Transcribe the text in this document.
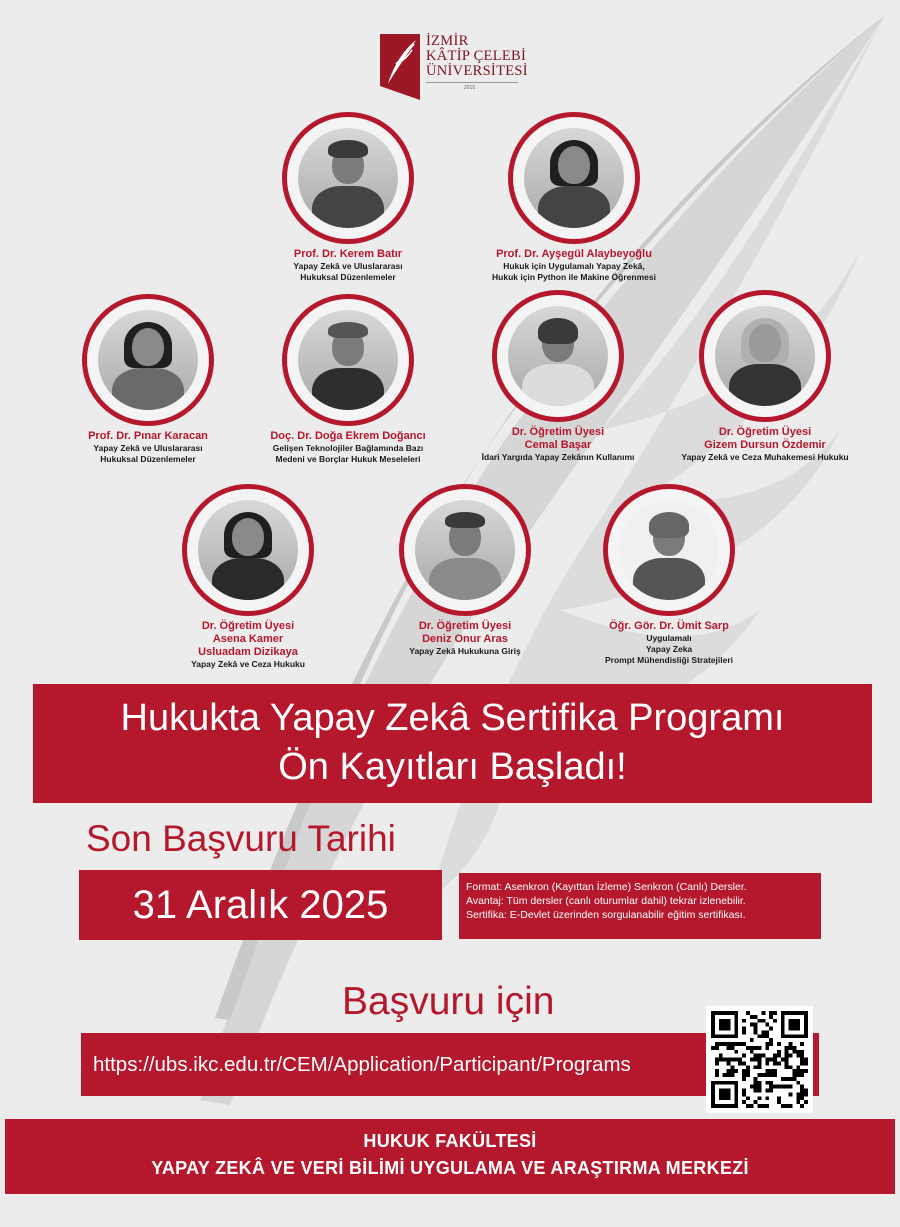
İZMİR
KÂTİP ÇELEBİ
ÜNİVERSİTESİ
2010
Prof. Dr. Kerem Batır
Yapay Zekâ ve Uluslararası
Hukuksal Düzenlemeler
Prof. Dr. Ayşegül Alaybeyoğlu
Hukuk için Uygulamalı Yapay Zekâ,
Hukuk için Python ile Makine Öğrenmesi
Prof. Dr. Pınar Karacan
Yapay Zekâ ve Uluslararası
Hukuksal Düzenlemeler
Doç. Dr. Doğa Ekrem Doğancı
Gelişen Teknolojiler Bağlamında Bazı
Medeni ve Borçlar Hukuk Meseleleri
Dr. Öğretim Üyesi
Cemal Başar
İdari Yargıda Yapay Zekânın Kullanımı
Dr. Öğretim Üyesi
Gizem Dursun Özdemir
Yapay Zekâ ve Ceza Muhakemesi Hukuku
Dr. Öğretim Üyesi
Asena Kamer
Usluadam Dizikaya
Yapay Zekâ ve Ceza Hukuku
Dr. Öğretim Üyesi
Deniz Onur Aras
Yapay Zekâ Hukukuna Giriş
Öğr. Gör. Dr. Ümit Sarp
Uygulamalı
Yapay Zeka
Prompt Mühendisliği Stratejileri
Hukukta Yapay Zekâ Sertifika Programı
Ön Kayıtları Başladı!
Son Başvuru Tarihi
31 Aralık 2025	Format: Asenkron (Kayıttan İzleme) Senkron (Canlı) Dersler.
Avantaj: Tüm dersler (canlı oturumlar dahil) tekrar izlenebilir.
Sertifika: E-Devlet üzerinden sorgulanabilir eğitim sertifikası.
Başvuru için
https://ubs.ikc.edu.tr/CEM/Application/Participant/Programs
HUKUK FAKÜLTESİ
YAPAY ZEKÂ VE VERİ BİLİMİ UYGULAMA VE ARAŞTIRMA MERKEZİ
